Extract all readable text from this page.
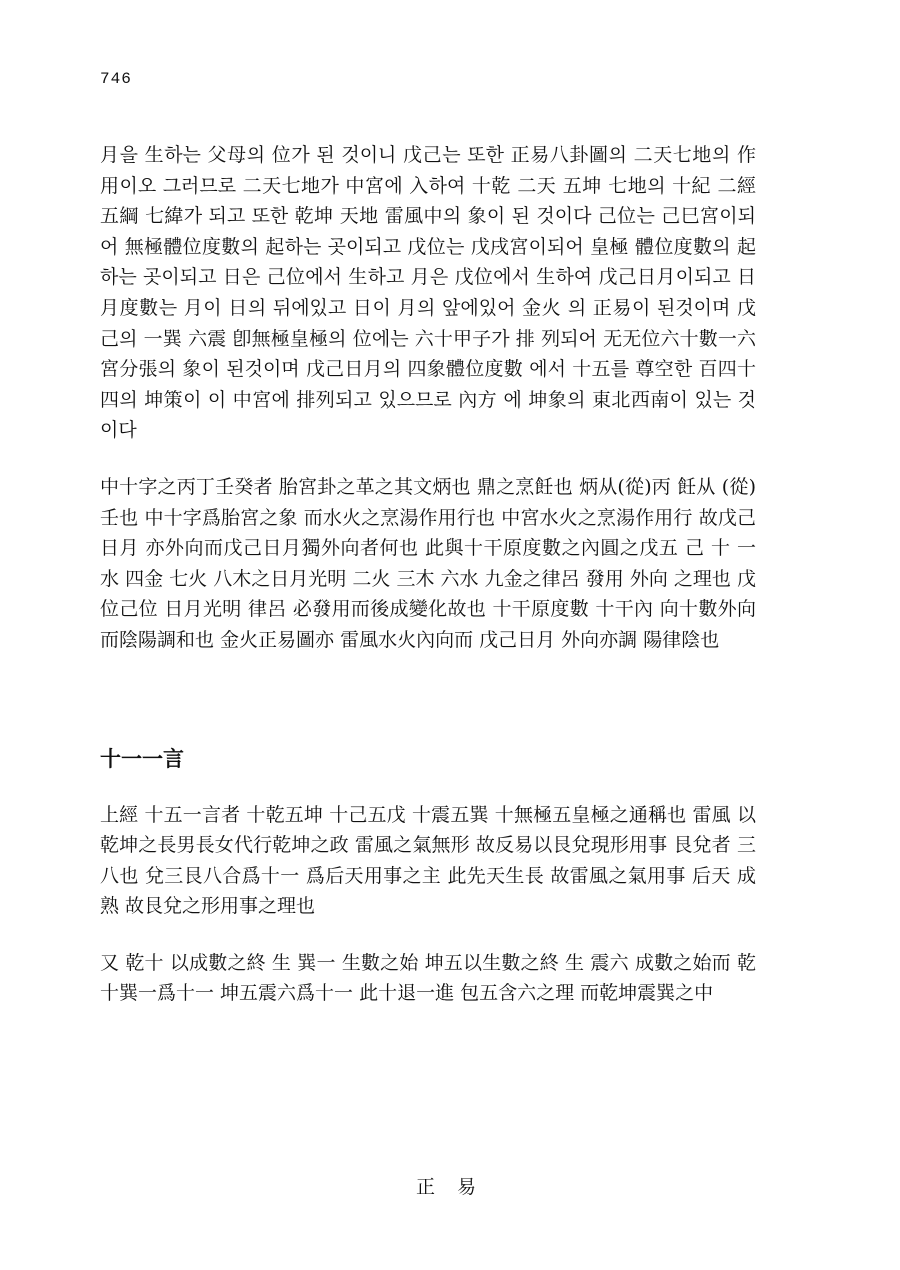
746

月을 生하는 父母의 位가 된 것이니 戊己는 또한 正易八卦圖의 二天七地의 作用이오 그러므로 二天七地가 中宮에 入하여 十乾 二天 五坤 七地의 十紀 二經 五綱 七緯가 되고 또한 乾坤 天地 雷風中의 象이 된 것이다 己位는 己巳宮이되어 無極體位度數의 起하는 곳이되고 戊位는 戊戌宮이되어 皇極 體位度數의 起하는 곳이되고 日은 己位에서 生하고 月은 戊位에서 生하여 戊己日月이되고 日月度數는 月이 日의 뒤에있고 日이 月의 앞에있어 金火 의 正易이 된것이며 戊己의 一巽 六震 卽無極皇極의 位에는 六十甲子가 排 列되어 无无位六十數一六宮分張의 象이 된것이며 戊己日月의 四象體位度數 에서 十五를 尊空한 百四十四의 坤策이 이 中宮에 排列되고 있으므로 內方 에 坤象의 東北西南이 있는 것이다

中十字之丙丁壬癸者 胎宮卦之革之其文炳也 鼎之烹飪也 炳从(從)丙 飪从 (從)壬也 中十字爲胎宮之象 而水火之烹湯作用行也 中宮水火之烹湯作用行 故戊己日月 亦外向而戊己日月獨外向者何也 此與十干原度數之內圓之戊五 己 十 一水 四金 七火 八木之日月光明 二火 三木 六水 九金之律呂 發用 外向 之理也 戊位己位 日月光明 律呂 必發用而後成變化故也 十干原度數 十干內 向十數外向 而陰陽調和也 金火正易圖亦 雷風水火內向而 戊己日月 外向亦調 陽律陰也

十一一言

上經 十五一言者 十乾五坤 十己五戊 十震五巽 十無極五皇極之通稱也 雷風 以乾坤之長男長女代行乾坤之政 雷風之氣無形 故反易以艮兌現形用事 艮兌者 三八也 兌三艮八合爲十一 爲后天用事之主 此先天生長 故雷風之氣用事 后天 成熟 故艮兌之形用事之理也

又 乾十 以成數之終 生 巽一 生數之始 坤五以生數之終 生 震六 成數之始而 乾十巽一爲十一 坤五震六爲十一 此十退一進 包五含六之理 而乾坤震巽之中

正 易
